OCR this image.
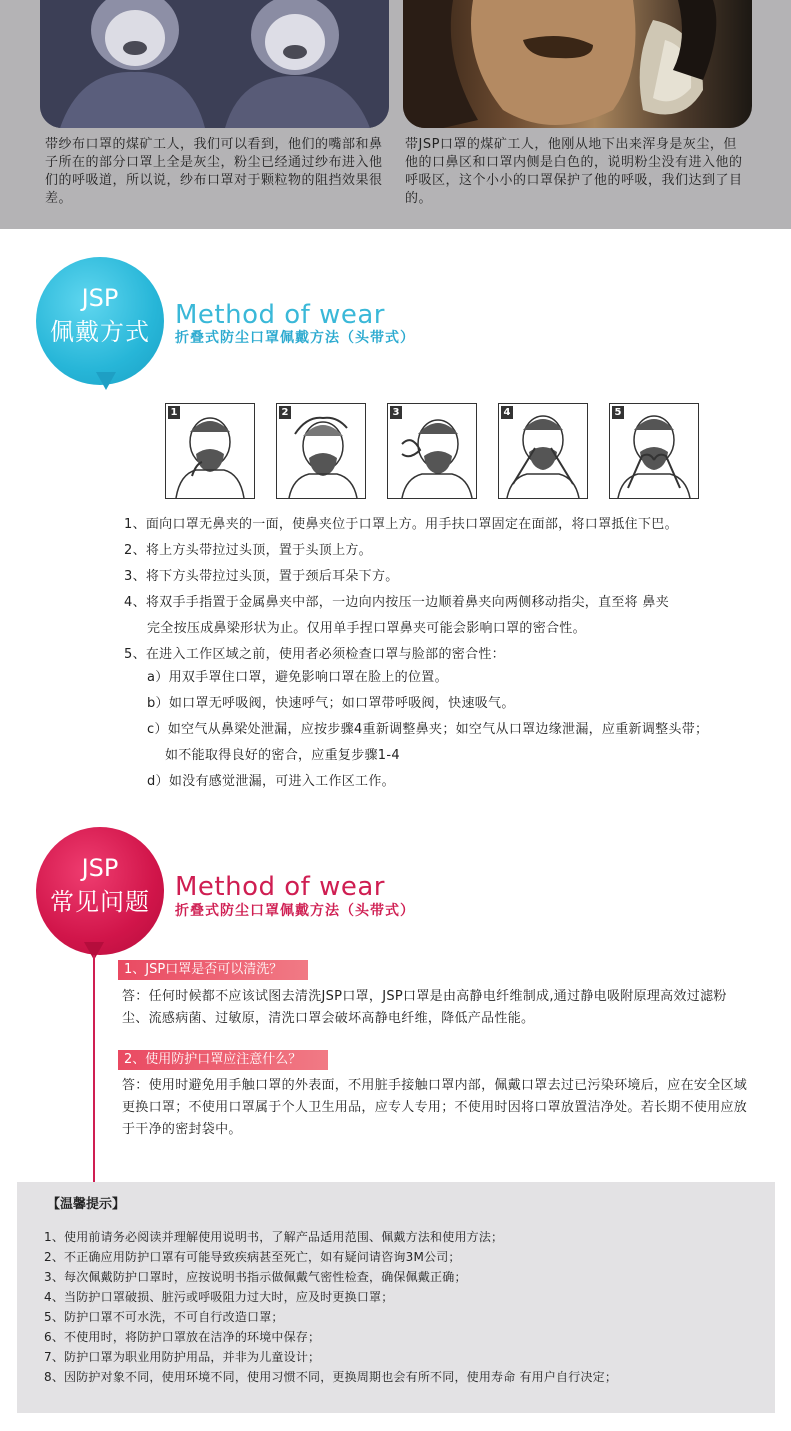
带纱布口罩的煤矿工人，我们可以看到，他们的嘴部和鼻子所在的部分口罩上全是灰尘，粉尘已经通过纱布进入他们的呼吸道，所以说，纱布口罩对于颗粒物的阻挡效果很差。
带JSP口罩的煤矿工人，他刚从地下出来浑身是灰尘，但他的口鼻区和口罩内侧是白色的，说明粉尘没有进入他的呼吸区，这个小小的口罩保护了他的呼吸，我们达到了目的。
JSP
佩戴方式
Method of wear
折叠式防尘口罩佩戴方法（头带式）
1	2	3	4	5
1、面向口罩无鼻夹的一面，使鼻夹位于口罩上方。用手扶口罩固定在面部，将口罩抵住下巴。
2、将上方头带拉过头顶，置于头顶上方。
3、将下方头带拉过头顶，置于颈后耳朵下方。
4、将双手手指置于金属鼻夹中部，一边向内按压一边顺着鼻夹向两侧移动指尖，直至将 鼻夹
完全按压成鼻梁形状为止。仅用单手捏口罩鼻夹可能会影响口罩的密合性。
5、在进入工作区域之前，使用者必须检查口罩与脸部的密合性：
a）用双手罩住口罩，避免影响口罩在脸上的位置。
b）如口罩无呼吸阀，快速呼气；如口罩带呼吸阀，快速吸气。
c）如空气从鼻梁处泄漏，应按步骤4重新调整鼻夹；如空气从口罩边缘泄漏，应重新调整头带；
如不能取得良好的密合，应重复步骤1-4
d）如没有感觉泄漏，可进入工作区工作。
JSP
常见问题 Method of wear
折叠式防尘口罩佩戴方法（头带式）
1、JSP口罩是否可以清洗？
答：任何时候都不应该试图去清洗JSP口罩，JSP口罩是由高静电纤维制成,通过静电吸附原理高效过滤粉尘、流感病菌、过敏原，清洗口罩会破坏高静电纤维，降低产品性能。
2、使用防护口罩应注意什么？
答：使用时避免用手触口罩的外表面，不用脏手接触口罩内部，佩戴口罩去过已污染环境后，应在安全区域更换口罩；不使用口罩属于个人卫生用品，应专人专用；不使用时因将口罩放置洁净处。若长期不使用应放于干净的密封袋中。
【温馨提示】
1、使用前请务必阅读并理解使用说明书，了解产品适用范围、佩戴方法和使用方法；
2、不正确应用防护口罩有可能导致疾病甚至死亡，如有疑问请咨询3M公司；
3、每次佩戴防护口罩时，应按说明书指示做佩戴气密性检查，确保佩戴正确；
4、当防护口罩破损、脏污或呼吸阻力过大时，应及时更换口罩；
5、防护口罩不可水洗，不可自行改造口罩；
6、不使用时，将防护口罩放在洁净的环境中保存；
7、防护口罩为职业用防护用品，并非为儿童设计；
8、因防护对象不同，使用环境不同，使用习惯不同，更换周期也会有所不同，使用寿命 有用户自行决定；
